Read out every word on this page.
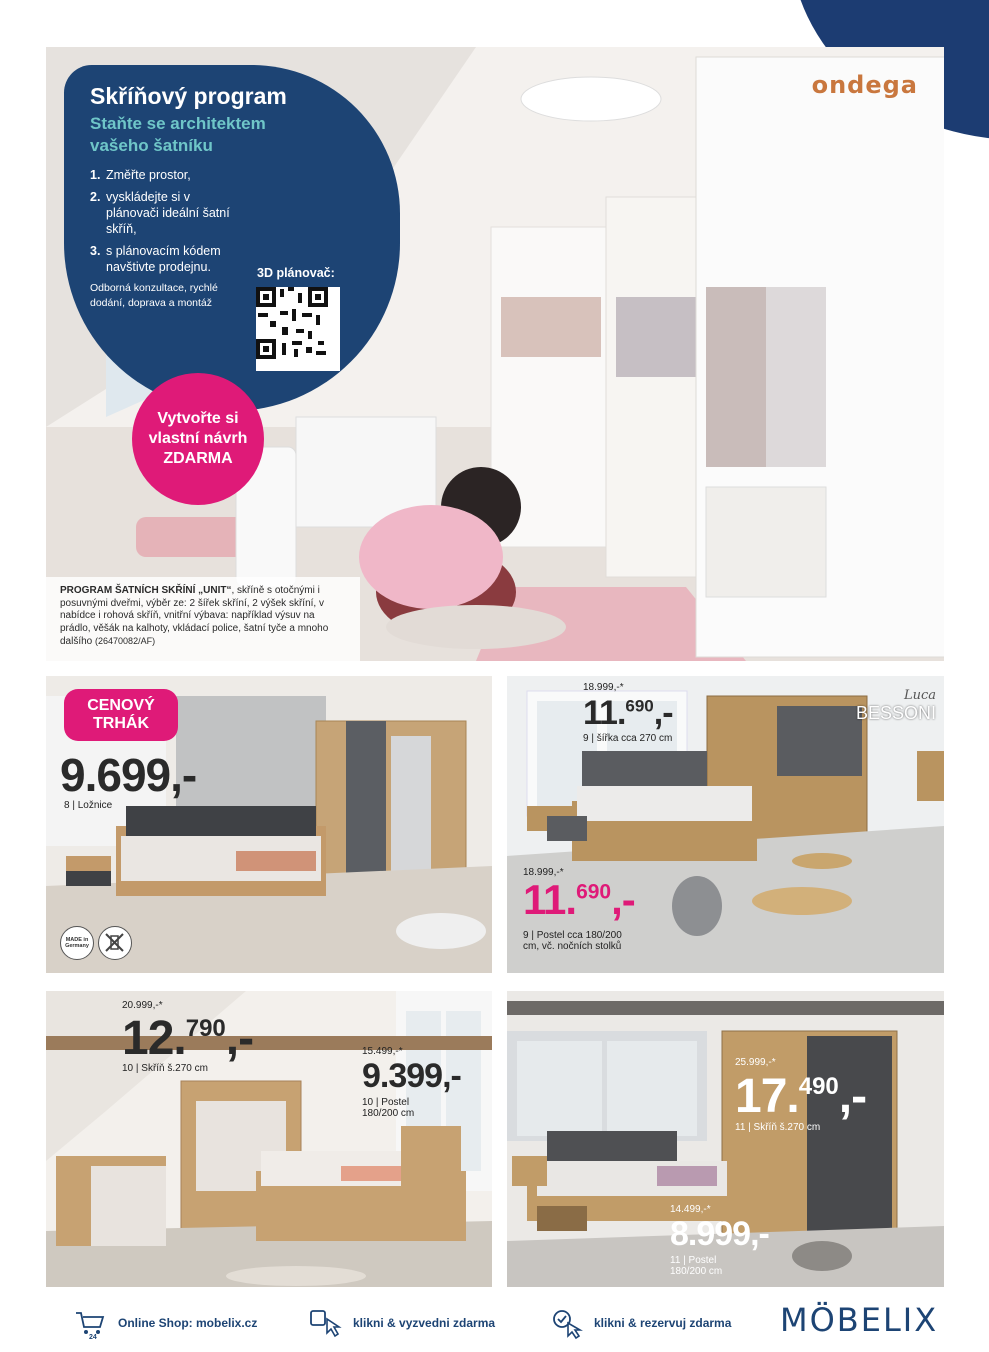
ondega
Skříňový program
Staňte se architektem vašeho šatníku
1. Změřte prostor,
2. vyskládejte si v plánovači ideální šatní skříň,
3. s plánovacím kódem navštivte prodejnu.
Odborná konzultace, rychlé dodání, doprava a montáž
3D plánovač:
Vytvořte si vlastní návrh ZDARMA
PROGRAM ŠATNÍCH SKŘÍNÍ „UNIT“, skříně s otočnými i posuvnými dveřmi, výběr ze: 2 šířek skříní, 2 výšek skříní, v nabídce i rohová skříň, vnitřní výbava: například výsuv na prádlo, věšák na kalhoty, vkládací police, šatní tyče a mnoho dalšího (26470082/AF)
CENOVÝ TRHÁK
9.699,-
8 | Ložnice
MADE in Germany
Luca
BESSONI
18.999,-*
11.$^{690}$,-
9 | šířka cca 270 cm
18.999,-*
11.$^{690}$,-
9 | Postel cca 180/200 cm, vč. nočních stolků
20.999,-*
12.$^{790}$,-
10 | Skříň š.270 cm
15.499,-*
9.399,-
10 | Postel 180/200 cm
25.999,-*
17.$^{490}$,-
11 | Skříň š.270 cm
14.499,-*
8.999,-
11 | Postel 180/200 cm
24
Online Shop: mobelix.cz	klikni & vyzvedni zdarma	klikni & rezervuj zdarma MÖBELIX
